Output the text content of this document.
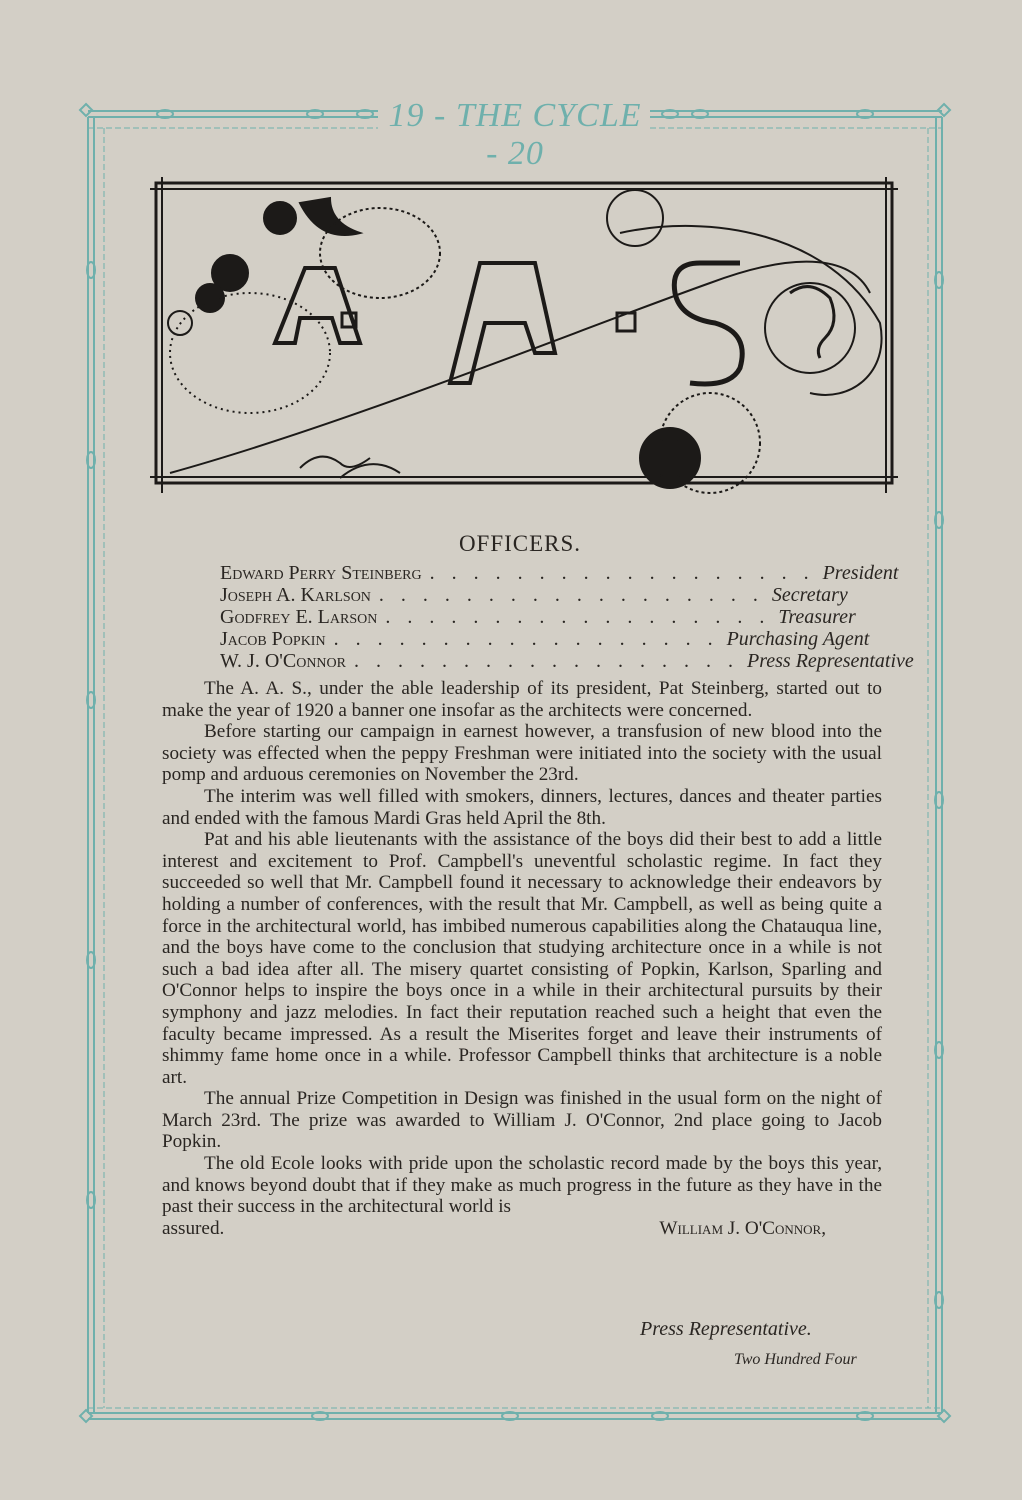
19 - THE CYCLE - 20
OFFICERS.
Edward Perry Steinberg . . . . . . . . . . . . . . . . . . President
Joseph A. Karlson . . . . . . . . . . . . . . . . . . Secretary
Godfrey E. Larson . . . . . . . . . . . . . . . . . . Treasurer
Jacob Popkin . . . . . . . . . . . . . . . . . . Purchasing Agent
W. J. O'Connor . . . . . . . . . . . . . . . . . . Press Representative

The A. A. S., under the able leadership of its president, Pat Steinberg, started out to make the year of 1920 a banner one insofar as the architects were concerned.

Before starting our campaign in earnest however, a transfusion of new blood into the society was effected when the peppy Freshman were initiated into the society with the usual pomp and arduous ceremonies on November the 23rd.

The interim was well filled with smokers, dinners, lectures, dances and theater parties and ended with the famous Mardi Gras held April the 8th.

Pat and his able lieutenants with the assistance of the boys did their best to add a little interest and excitement to Prof. Campbell's uneventful scholastic regime. In fact they succeeded so well that Mr. Campbell found it necessary to acknowledge their endeavors by holding a number of conferences, with the result that Mr. Campbell, as well as being quite a force in the architectural world, has imbibed numerous capabilities along the Chatauqua line, and the boys have come to the conclusion that studying architecture once in a while is not such a bad idea after all. The misery quartet consisting of Popkin, Karlson, Sparling and O'Connor helps to inspire the boys once in a while in their architectural pursuits by their symphony and jazz melodies. In fact their reputation reached such a height that even the faculty became impressed. As a result the Miserites forget and leave their instruments of shimmy fame home once in a while. Professor Campbell thinks that architecture is a noble art.

The annual Prize Competition in Design was finished in the usual form on the night of March 23rd. The prize was awarded to William J. O'Connor, 2nd place going to Jacob Popkin.

The old Ecole looks with pride upon the scholastic record made by the boys this year, and knows beyond doubt that if they make as much progress in the future as they have in the past their success in the architectural world is

assured.	William J. O'Connor,
Press Representative.
Two Hundred Four
